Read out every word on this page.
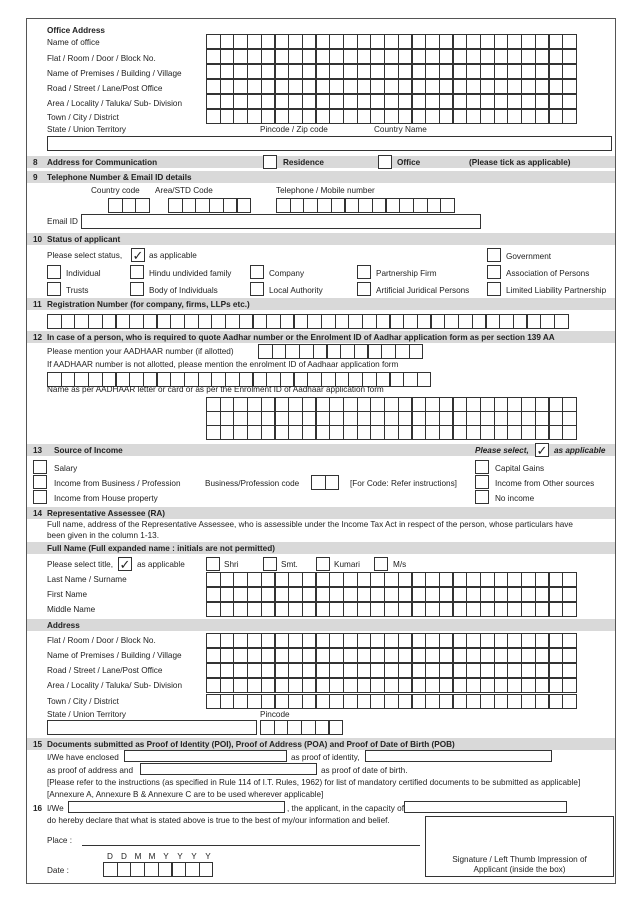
Office Address
Name of office
Flat / Room / Door / Block No.
Name of Premises / Building / Village
Road / Street / Lane/Post Office
Area / Locality / Taluka/ Sub- Division
Town / City / District
State / Union Territory	Pincode / Zip code	Country Name
8 Address for Communication	Residence	Office	(Please tick as applicable)
9 Telephone Number & Email ID details
Country code Area/STD Code	Telephone / Mobile number
Email ID
10 Status of applicant
Please select status, ✓ as applicable	Government
Individual	Hindu undivided family	Company	Partnership Firm	Association of Persons
Trusts	Body of Individuals	Local Authority	Artificial Juridical Persons	Limited Liability Partnership
11 Registration Number (for company, firms, LLPs etc.)
12 In case of a person, who is required to quote Aadhar number or the Enrolment ID of Aadhar application form as per section 139 AA
Please mention your AADHAAR number (if allotted)
If AADHAAR number is not allotted, please mention the enrolment ID of Aadhaar application form
Name as per AADHAAR letter or card or as per the Enrolment ID of Aadhaar application form
13 Source of Income	Please select, ✓ as applicable
Salary	Capital Gains
Income from Business / Profession	Business/Profession code	[For Code: Refer instructions]	Income from Other sources
Income from House property	No income
14 Representative Assessee (RA)
Full name, address of the Representative Assessee, who is assessible under the Income Tax Act in respect of the person, whose particulars have
been given in the column 1-13.
Full Name (Full expanded name : initials are not permitted)
Please select title, ✓ as applicable	Shri	Smt.	Kumari	M/s
Last Name / Surname
First Name
Middle Name
Address
Flat / Room / Door / Block No.
Name of Premises / Building / Village
Road / Street / Lane/Post Office
Area / Locality / Taluka/ Sub- Division
Town / City / District
State / Union Territory	Pincode
15 Documents submitted as Proof of Identity (POI), Proof of Address (POA) and Proof of Date of Birth (POB)
I/We have enclosed	as proof of identity,
as proof of address and	as proof of date of birth.
[Please refer to the instructions (as specified in Rule 114 of I.T. Rules, 1962) for list of mandatory certified documents to be submitted as applicable]
[Annexure A, Annexure B & Annexure C are to be used wherever applicable]
16 I/We	, the applicant, in the capacity of
do hereby declare that what is stated above is true to the best of my/our information and belief.
Place :
D D M M Y Y Y Y
Date :
Signature / Left Thumb Impression of
Applicant (inside the box)
